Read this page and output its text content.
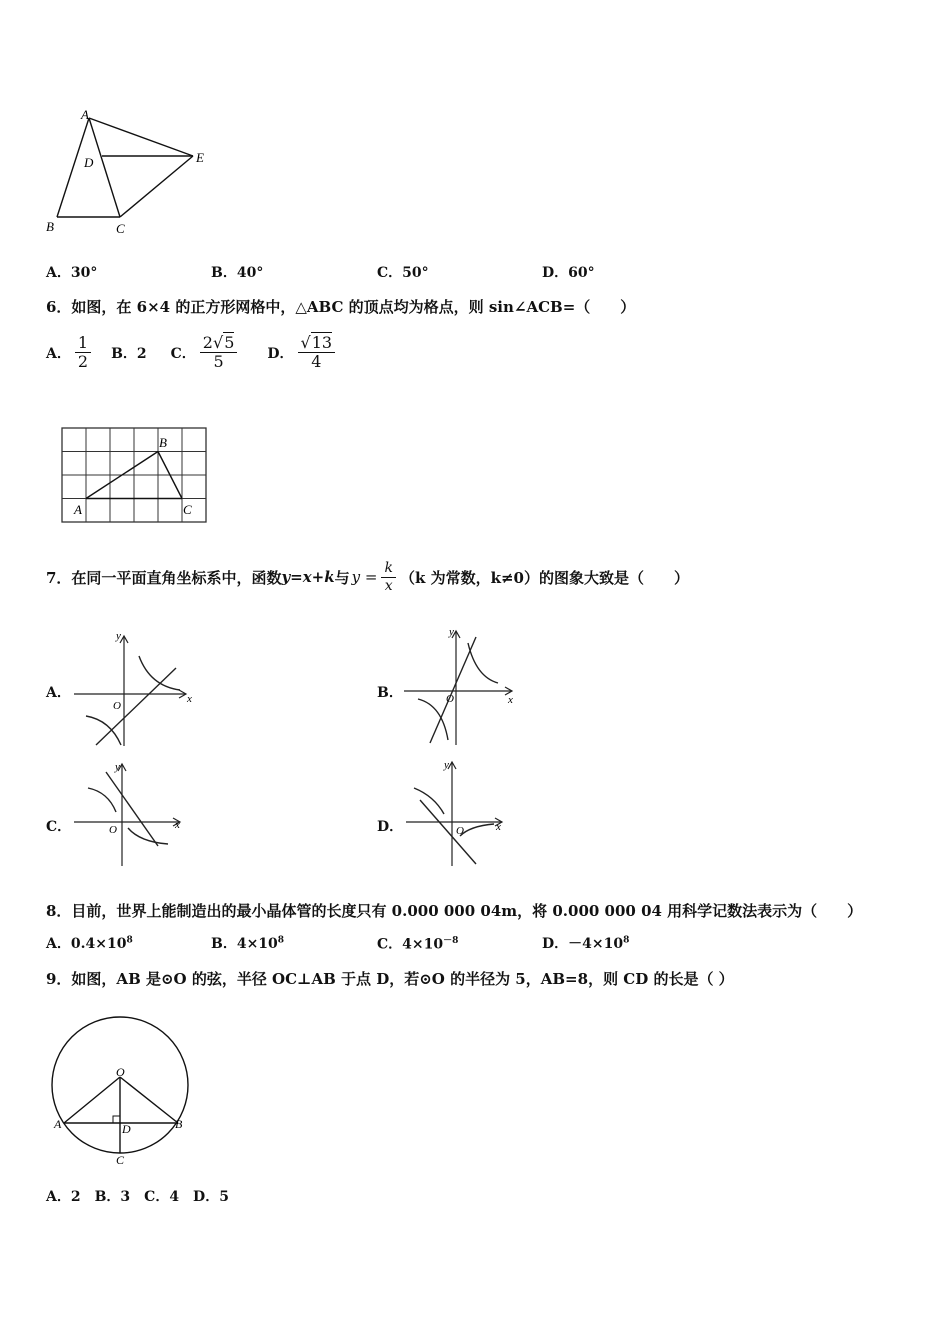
A
B	C
D	E
A．30°	B．40°	C．50°	D．60°
6．如图，在 6×4 的正方形网格中，△ABC 的顶点均为格点，则 sin∠ACB=（　　）
A． $\frac{1}{2}$ B．2 C． $\frac{2√5}{5}$ D． $\frac{√13}{4}$
B
A	C
7．在同一平面直角坐标系中，函数 y=x+k 与 $y = \frac{k}{x} (k$ 为常数，k≠0）的图象大致是（　　）
A．	B．
C．	D．
y
x
O
y
x
O
y
x
O
y
x
O
8．目前，世界上能制造出的最小晶体管的长度只有 0.000 000 04m，将 0.000 000 04 用科学记数法表示为（　　）
A．$0.4\times 10^8$	B．$4\times 10^8$	C．$4\times 10^{-8}$	D．$-4\times 10^8$
9．如图，AB 是⊙O 的弦，半径 OC⊥AB 于点 D，若⊙O 的半径为 5，AB=8，则 CD 的长是（ ）
O
A	B
D
C
A．2　B．3　C．4　D．5
